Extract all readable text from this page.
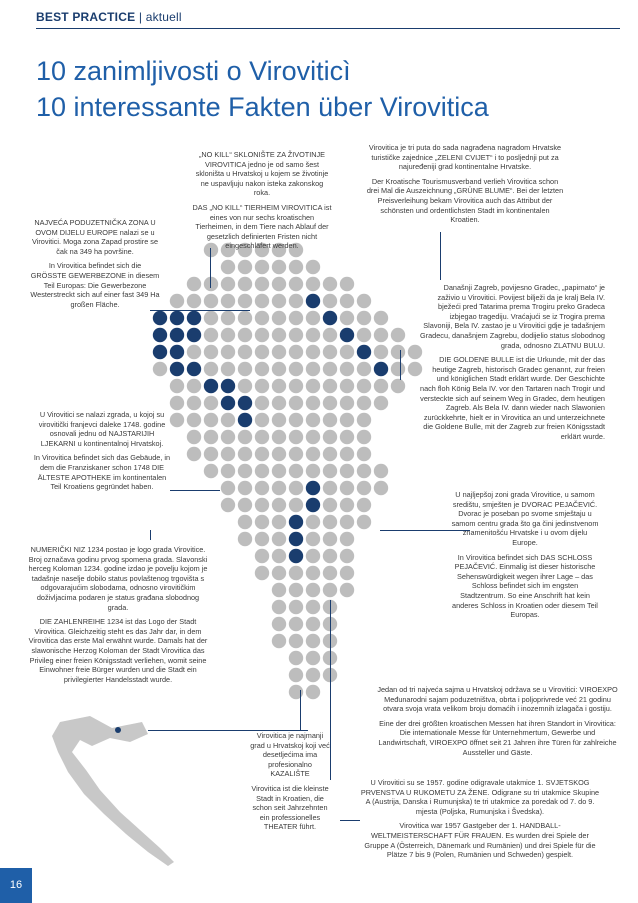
BEST PRACTICE | aktuell
10 zanimljivosti o Viroviticì
10 interessante Fakten über Virovitica

„NO KILL“ SKLONIŠTE ZA ŽIVOTINJE VIROVITICA jedno je od samo šest skloništa u Hrvatskoj u kojem se životinje ne uspavljuju nakon isteka zakonskog roka.

DAS „NO KILL“ TIERHEIM VIROVITICA ist eines von nur sechs kroatischen Tierheimen, in dem Tiere nach Ablauf der gesetzlich definierten Fristen nicht eingeschläfert werden.

Virovitica je tri puta do sada nagrađena nagradom Hrvatske turističke zajednice „ZELENI CVIJET“ i to posljednji put za najuređeniji grad kontinentalne Hrvatske.

Der Kroatische Tourismusverband verlieh Virovitica schon drei Mal die Auszeichnung „GRÜNE BLUME“. Bei der letzten Preisverleihung bekam Virovitica auch das Attribut der schönsten und ordentlichsten Stadt im kontinentalen Kroatien.

NAJVEĆA PODUZETNIČKA ZONA U OVOM DIJELU EUROPE nalazi se u Virovitici. Moga zona Zapad prostire se čak na 349 ha površine.

In Virovitica befindet sich die GRÖSSTE GEWERBEZONE in diesem Teil Europas: Die Gewerbezone Westerstreckt sich auf einer fast 349 Ha großen Fläche.

Današnji Zagreb, povijesno Gradec, „papirnato“ je zaživio u Virovitici. Povijest bilježi da je kralj Bela IV. bježeći pred Tatarima prema Trogiru preko Gradeca izbjegao tragediju. Vraćajući se iz Trogira prema Slavoniji, Bela IV. zastao je u Virovitici gdje je tadašnjem Gradecu, današnjem Zagrebu, dodijelio status slobodnog grada, odnosno ZLATNU BULU.

DIE GOLDENE BULLE ist die Urkunde, mit der das heutige Zagreb, historisch Gradec genannt, zur freien und königlichen Stadt erklärt wurde. Der Geschichte nach floh König Bela IV. vor den Tartaren nach Trogir und versteckte sich auf seinem Weg in Gradec, dem heutigen Zagreb. Als Bela IV. dann wieder nach Slawonien zurückkehrte, hielt er in Virovitica an und unterzeichnete die Goldene Bulle, mit der Zagreb zur freien Königsstadt erklärt wurde.

U Virovitici se nalazi zgrada, u kojoj su virovitički franjevci daleke 1748. godine osnovali jednu od NAJSTARIJIH LJEKARNI u kontinentalnoj Hrvatskoj.

In Virovitica befindet sich das Gebäude, in dem die Franziskaner schon 1748 DIE ÄLTESTE APOTHEKE im kontinentalen Teil Kroatiens gegründet haben.

U najljepšoj zoni grada Virovitice, u samom središtu, smješten je DVORAC PEJAČEVIĆ. Dvorac je poseban po svome smještaju u samom centru grada što ga čini jedinstvenom znamenitošću Hrvatske i u ovom dijelu Europe.

In Virovitica befindet sich DAS SCHLOSS PEJAČEVIĆ. Einmalig ist dieser historische Sehenswürdigkeit wegen ihrer Lage – das Schloss befindet sich im engsten Stadtzentrum. So eine Anschrift hat kein anderes Schloss in Kroatien oder diesem Teil Europas.

NUMERIČKI NIZ 1234 postao je logo grada Virovitice. Broj označava godinu prvog spomena grada. Slavonski herceg Koloman 1234. godine izdao je povelju kojom je tadašnje naselje dobilo status povlaštenog trgovišta s odgovarajućim slobodama, odnosno virovitičkim doživljacima podaren je status građana slobodnog grada.

DIE ZAHLENREIHE 1234 ist das Logo der Stadt Virovitica. Gleichzeitig steht es das Jahr dar, in dem Virovitica das erste Mal erwähnt wurde. Damals hat der slawonische Herzog Koloman der Stadt Virovitica das Privileg einer freien Königsstadt verliehen, womit seine Einwohner freie Bürger wurden und die Stadt ein privilegierter Handelsstadt wurde.

Jedan od tri najveća sajma u Hrvatskoj održava se u Virovitici: VIROEXPO Međunarodni sajam poduzetništva, obrta i poljoprivrede već 21 godinu otvara svoja vrata velikom broju domaćih i inozemnih izlagača i gostiju.

Eine der drei größten kroatischen Messen hat ihren Standort in Virovitica: Die internationale Messe für Unternehmertum, Gewerbe und Landwirtschaft, VIROEXPO öffnet seit 21 Jahren ihre Türen für zahlreiche Aussteller und Gäste.

Virovitica je najmanji grad u Hrvatskoj koji već desetljećima ima profesionalno KAZALIŠTE

Virovitica ist die kleinste Stadt in Kroatien, die schon seit Jahrzehnten ein professionelles THEATER führt.

U Virovitici su se 1957. godine odigravale utakmice 1. SVJETSKOG PRVENSTVA U RUKOMETU ZA ŽENE. Odigrane su tri utakmice Skupine A (Austrija, Danska i Rumunjska) te tri utakmice za poredak od 7. do 9. mjesta (Poljska, Rumunjska i Švedska).

Virovitica war 1957 Gastgeber der 1. HANDBALL-WELTMEISTERSCHAFT FÜR FRAUEN. Es wurden drei Spiele der Gruppe A (Österreich, Dänemark und Rumänien) und drei Spiele für die Plätze 7 bis 9 (Polen, Rumänien und Schweden) gespielt.

16
